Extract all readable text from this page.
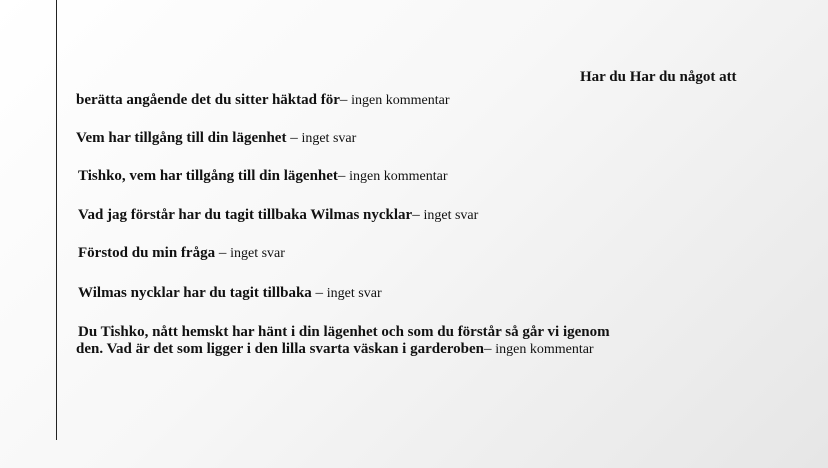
Har du Har du något att
berätta angående det du sitter häktad för– ingen kommentar
Vem har tillgång till din lägenhet – inget svar
Tishko, vem har tillgång till din lägenhet– ingen kommentar
Vad jag förstår har du tagit tillbaka Wilmas nycklar– inget svar
Förstod du min fråga – inget svar
Wilmas nycklar har du tagit tillbaka – inget svar
Du Tishko, nått hemskt har hänt i din lägenhet och som du förstår så går vi igenom
den. Vad är det som ligger i den lilla svarta väskan i garderoben– ingen kommentar
